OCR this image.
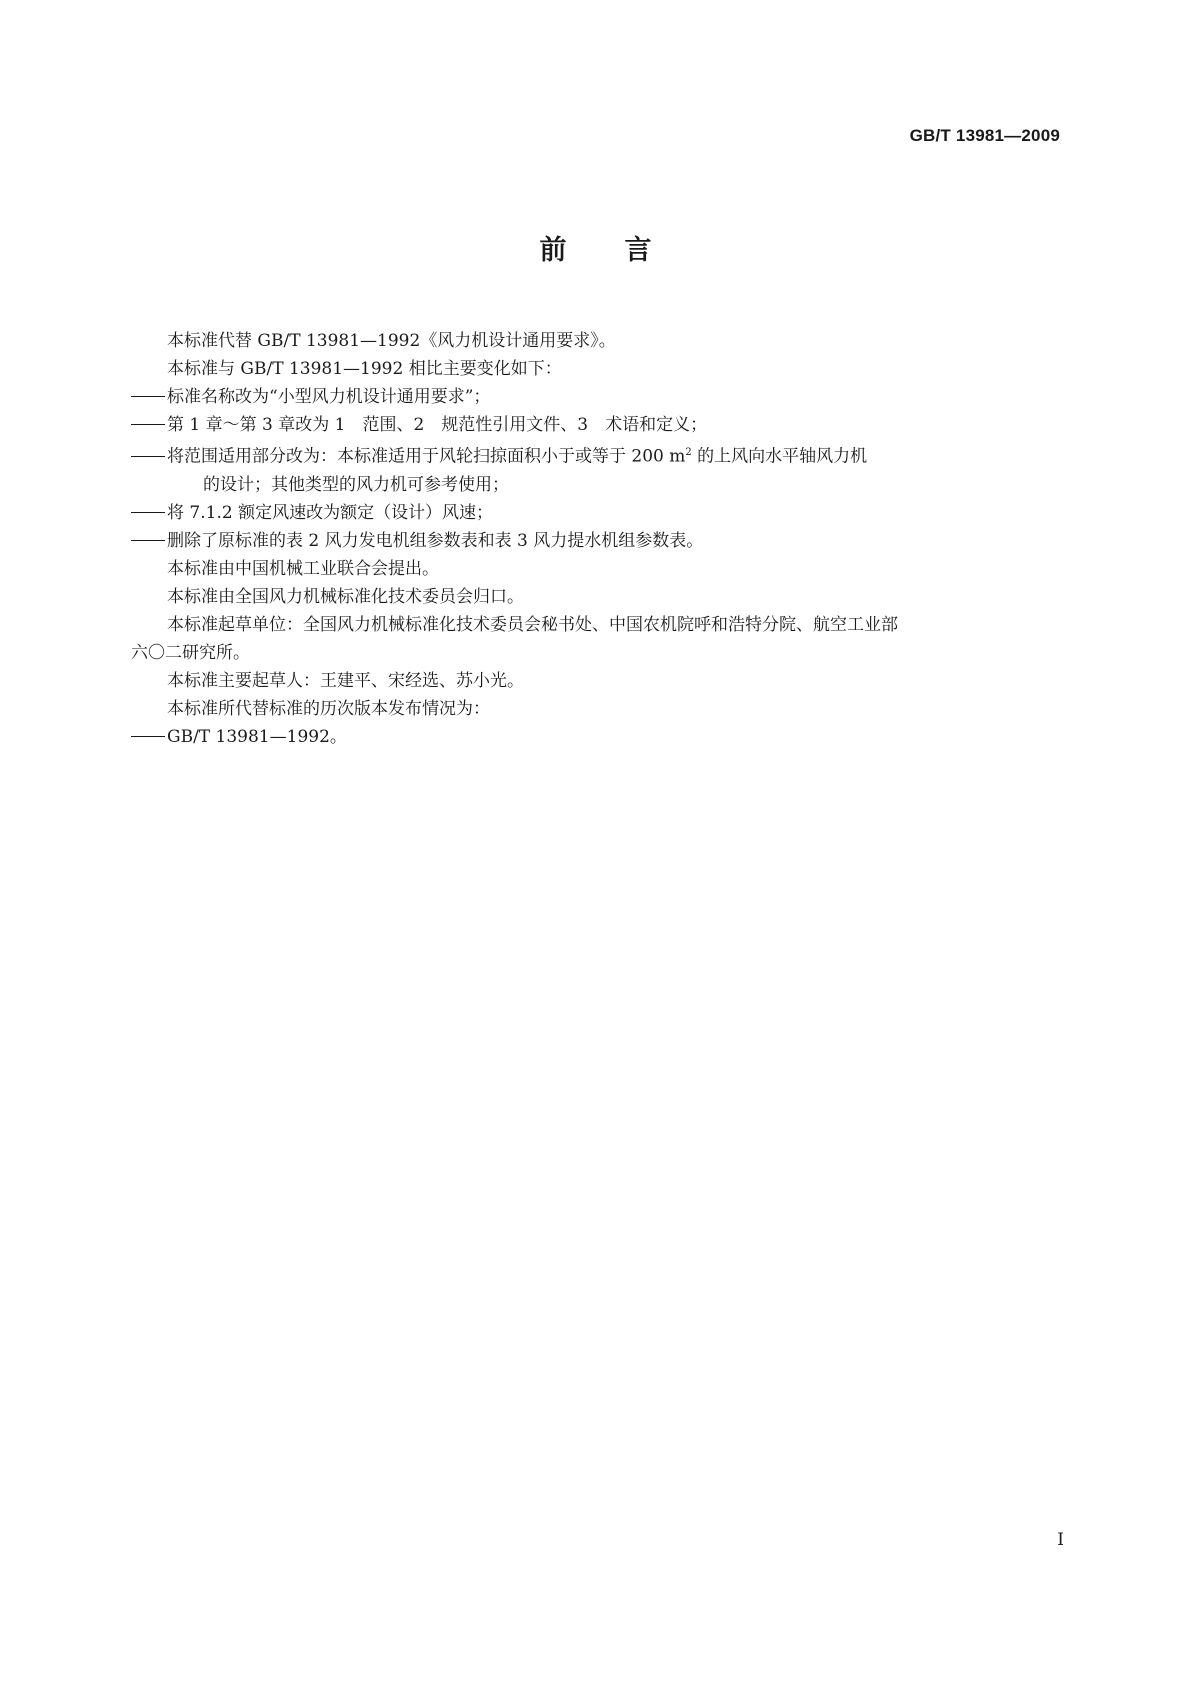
GB/T 13981—2009
前言

本标准代替 GB/T 13981—1992《风力机设计通用要求》。

本标准与 GB/T 13981—1992 相比主要变化如下：

标准名称改为“小型风力机设计通用要求”；

第 1 章～第 3 章改为 1　范围、2　规范性引用文件、3　术语和定义；

将范围适用部分改为：本标准适用于风轮扫掠面积小于或等于 200 $m^2$ 的上风向水平轴风力机

的设计；其他类型的风力机可参考使用；

将 7.1.2 额定风速改为额定（设计）风速；

删除了原标准的表 2 风力发电机组参数表和表 3 风力提水机组参数表。

本标准由中国机械工业联合会提出。

本标准由全国风力机械标准化技术委员会归口。

本标准起草单位：全国风力机械标准化技术委员会秘书处、中国农机院呼和浩特分院、航空工业部

六〇二研究所。

本标准主要起草人：王建平、宋经选、苏小光。

本标准所代替标准的历次版本发布情况为：

GB/T 13981—1992。

I
